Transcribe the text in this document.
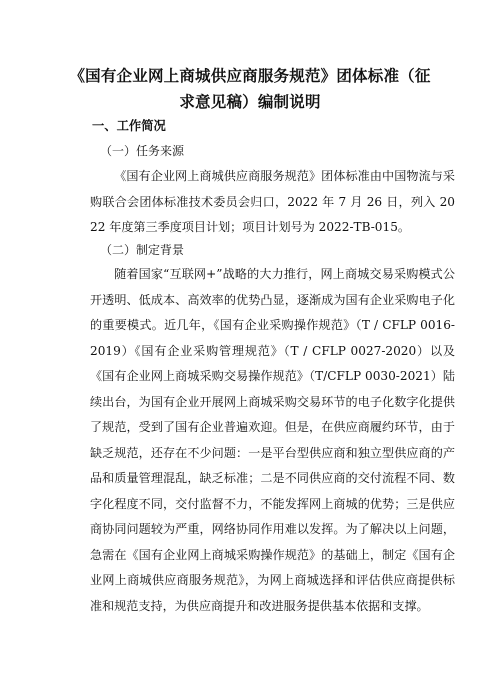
《国有企业网上商城供应商服务规范》团体标准（征
求意见稿）编制说明
一、工作简况
（一）任务来源

《国有企业网上商城供应商服务规范》团体标准由中国物流与采购联合会团体标准技术委员会归口，2022 年 7 月 26 日，列入 2022 年度第三季度项目计划；项目计划号为 2022-TB-015。

（二）制定背景

随着国家“互联网+”战略的大力推行，网上商城交易采购模式公开透明、低成本、高效率的优势凸显，逐渐成为国有企业采购电子化的重要模式。近几年，《国有企业采购操作规范》（T / CFLP 0016-2019）《国有企业采购管理规范》（T / CFLP 0027-2020）以及《国有企业网上商城采购交易操作规范》（T/CFLP 0030-2021）陆续出台，为国有企业开展网上商城采购交易环节的电子化数字化提供了规范，受到了国有企业普遍欢迎。但是，在供应商履约环节，由于缺乏规范，还存在不少问题：一是平台型供应商和独立型供应商的产品和质量管理混乱，缺乏标准；二是不同供应商的交付流程不同、数字化程度不同，交付监督不力，不能发挥网上商城的优势；三是供应商协同问题较为严重，网络协同作用难以发挥。为了解决以上问题，急需在《国有企业网上商城采购操作规范》的基础上，制定《国有企业网上商城供应商服务规范》，为网上商城选择和评估供应商提供标准和规范支持，为供应商提升和改进服务提供基本依据和支撑。
